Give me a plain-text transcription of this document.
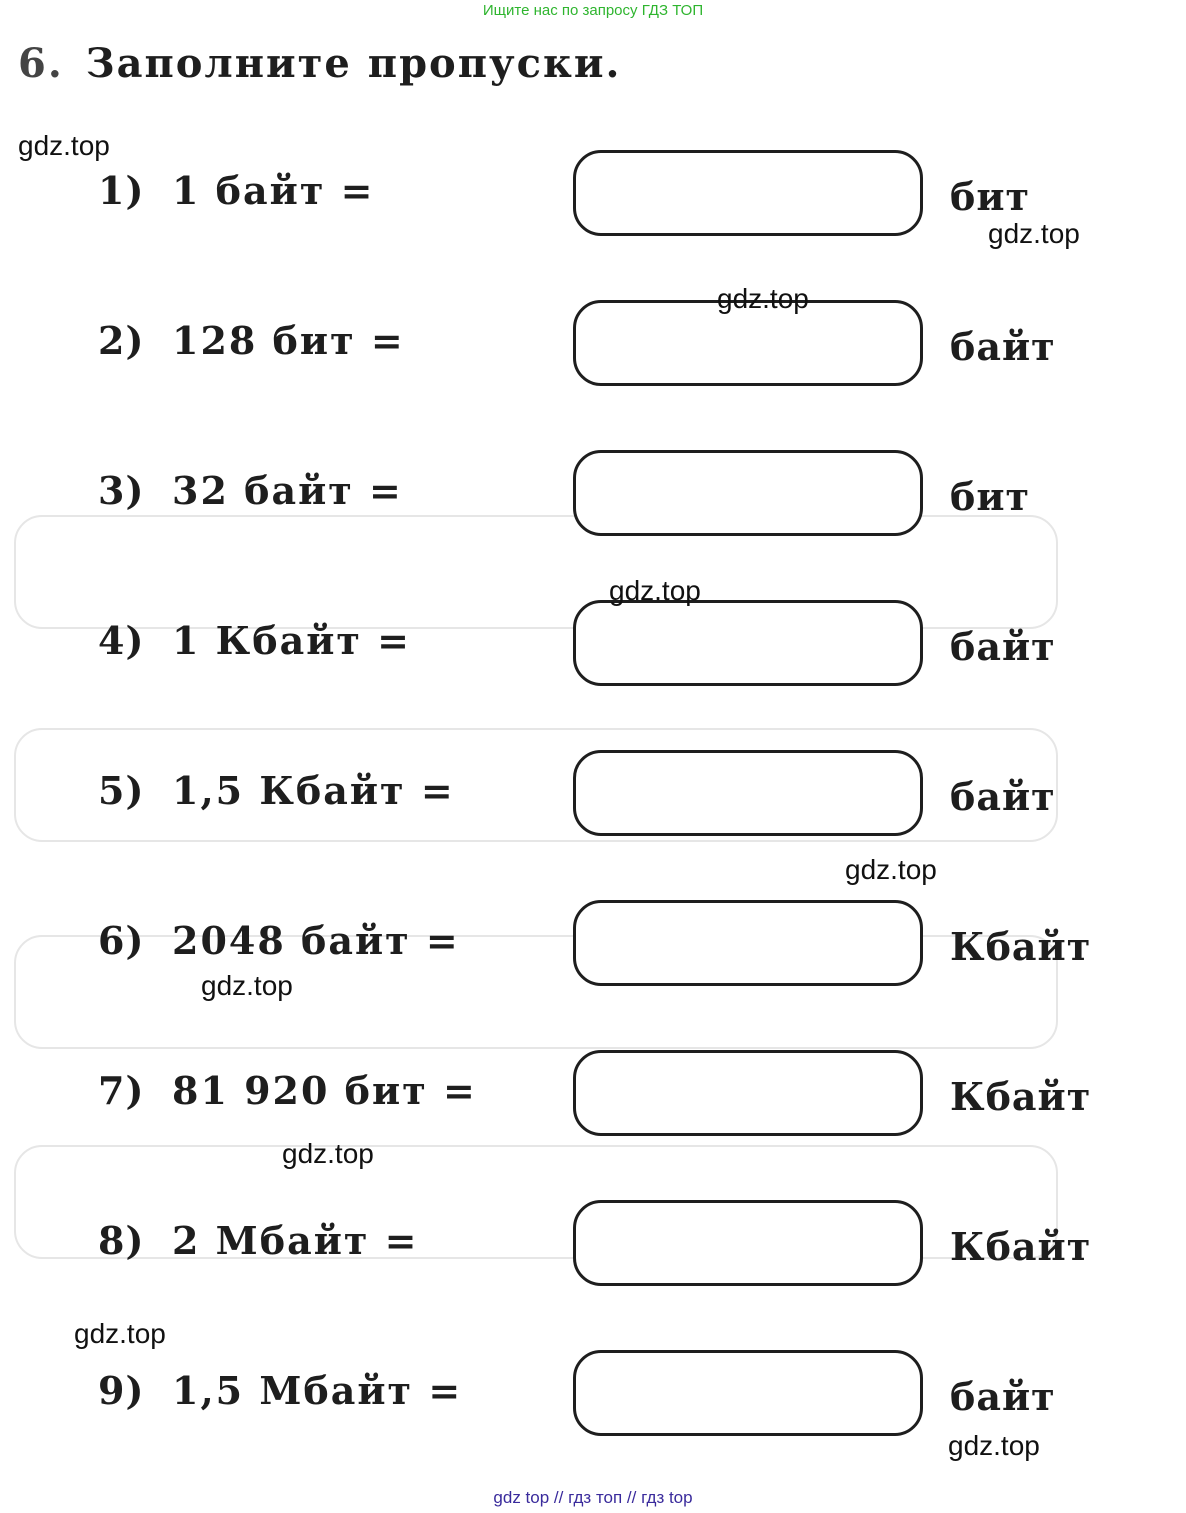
Ищите нас по запросу ГДЗ ТОП
6. Заполните пропуски.
1) 1 байт =	бит
2) 128 бит =	байт
3) 32 байт =	бит
4) 1 Кбайт =	байт
5) 1,5 Кбайт =	байт
6) 2048 байт =	Кбайт
7) 81 920 бит =	Кбайт
8) 2 Мбайт =	Кбайт
9) 1,5 Мбайт =	байт
gdz.top
gdz.top
gdz.top
gdz.top
gdz.top
gdz.top
gdz.top
gdz.top
gdz.top
gdz top // гдз топ // гдз top
